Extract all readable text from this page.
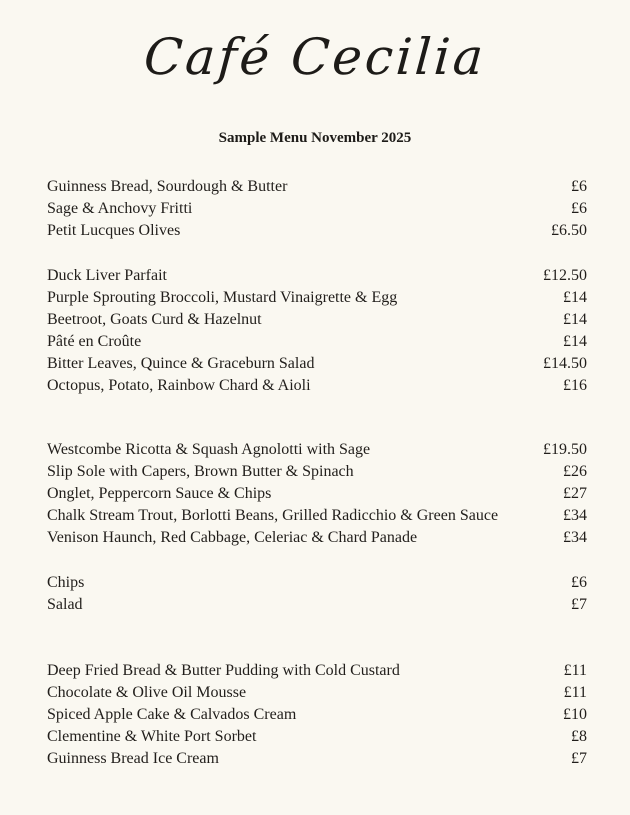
Café Cecilia
Sample Menu November 2025
Guinness Bread, Sourdough & Butter	£6
Sage & Anchovy Fritti	£6
Petit Lucques Olives	£6.50
Duck Liver Parfait	£12.50
Purple Sprouting Broccoli, Mustard Vinaigrette & Egg	£14
Beetroot, Goats Curd & Hazelnut	£14
Pâté en Croûte	£14
Bitter Leaves, Quince & Graceburn Salad	£14.50
Octopus, Potato, Rainbow Chard & Aioli	£16
Westcombe Ricotta & Squash Agnolotti with Sage	£19.50
Slip Sole with Capers, Brown Butter & Spinach	£26
Onglet, Peppercorn Sauce & Chips	£27
Chalk Stream Trout, Borlotti Beans, Grilled Radicchio & Green Sauce	£34
Venison Haunch, Red Cabbage, Celeriac & Chard Panade	£34
Chips	£6
Salad	£7
Deep Fried Bread & Butter Pudding with Cold Custard	£11
Chocolate & Olive Oil Mousse	£11
Spiced Apple Cake & Calvados Cream	£10
Clementine & White Port Sorbet	£8
Guinness Bread Ice Cream	£7
